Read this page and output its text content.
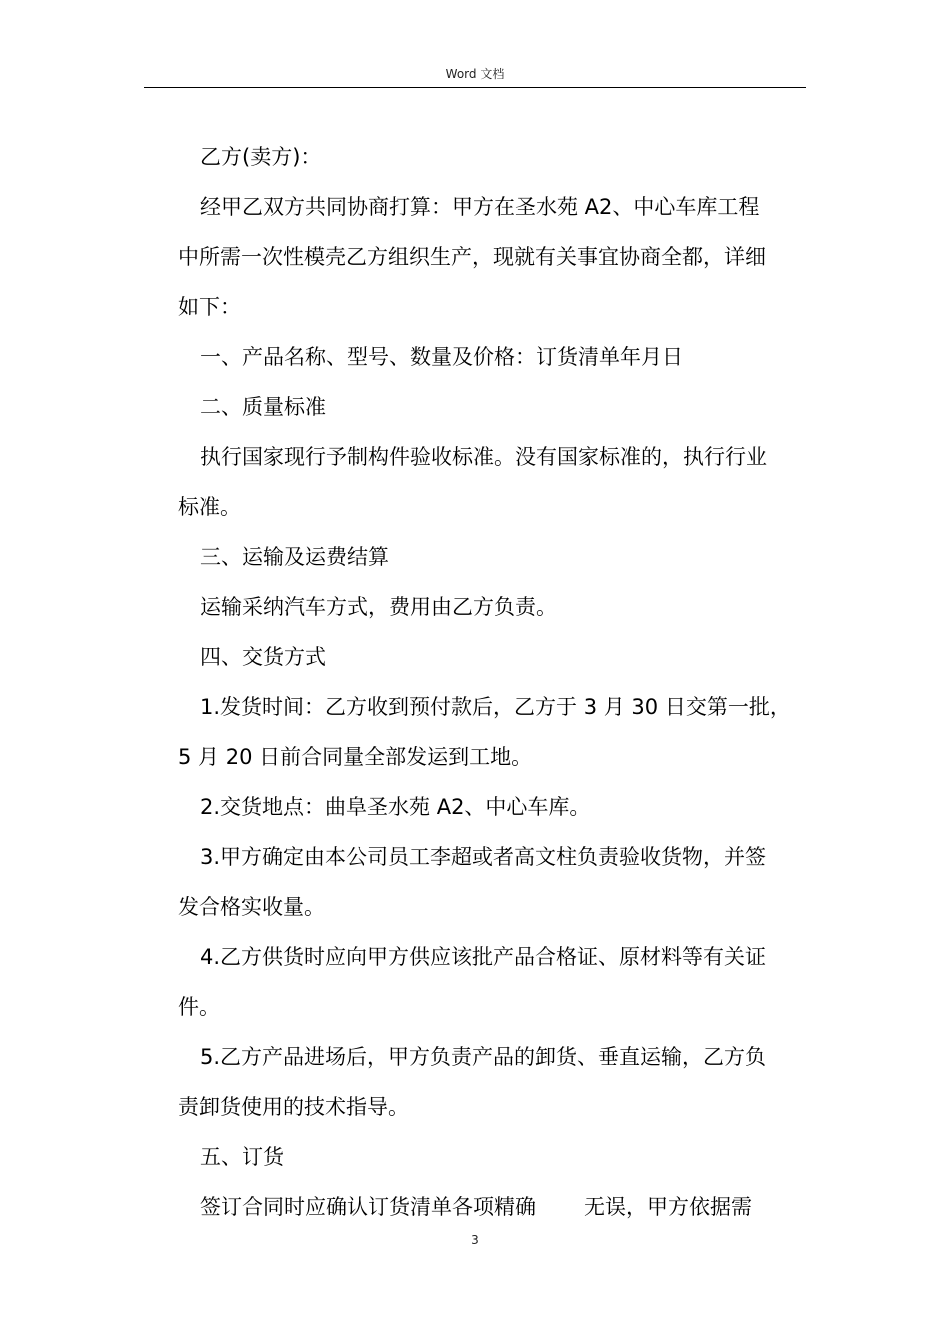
Word 文档

乙方(卖方)：

经甲乙双方共同协商打算：甲方在圣水苑 A2、中心车库工程

中所需一次性模壳乙方组织生产，现就有关事宜协商全都，详细

如下：

一、产品名称、型号、数量及价格：订货清单年月日

二、质量标准

执行国家现行予制构件验收标准。没有国家标准的，执行行业

标准。

三、运输及运费结算

运输采纳汽车方式，费用由乙方负责。

四、交货方式

1.发货时间：乙方收到预付款后，乙方于 3 月 30 日交第一批，

5 月 20 日前合同量全部发运到工地。

2.交货地点：曲阜圣水苑 A2、中心车库。

3.甲方确定由本公司员工李超或者高文柱负责验收货物，并签

发合格实收量。

4.乙方供货时应向甲方供应该批产品合格证、原材料等有关证

件。

5.乙方产品进场后，甲方负责产品的卸货、垂直运输，乙方负

责卸货使用的技术指导。

五、订货

签订合同时应确认订货清单各项精确 无误，甲方依据需

3
